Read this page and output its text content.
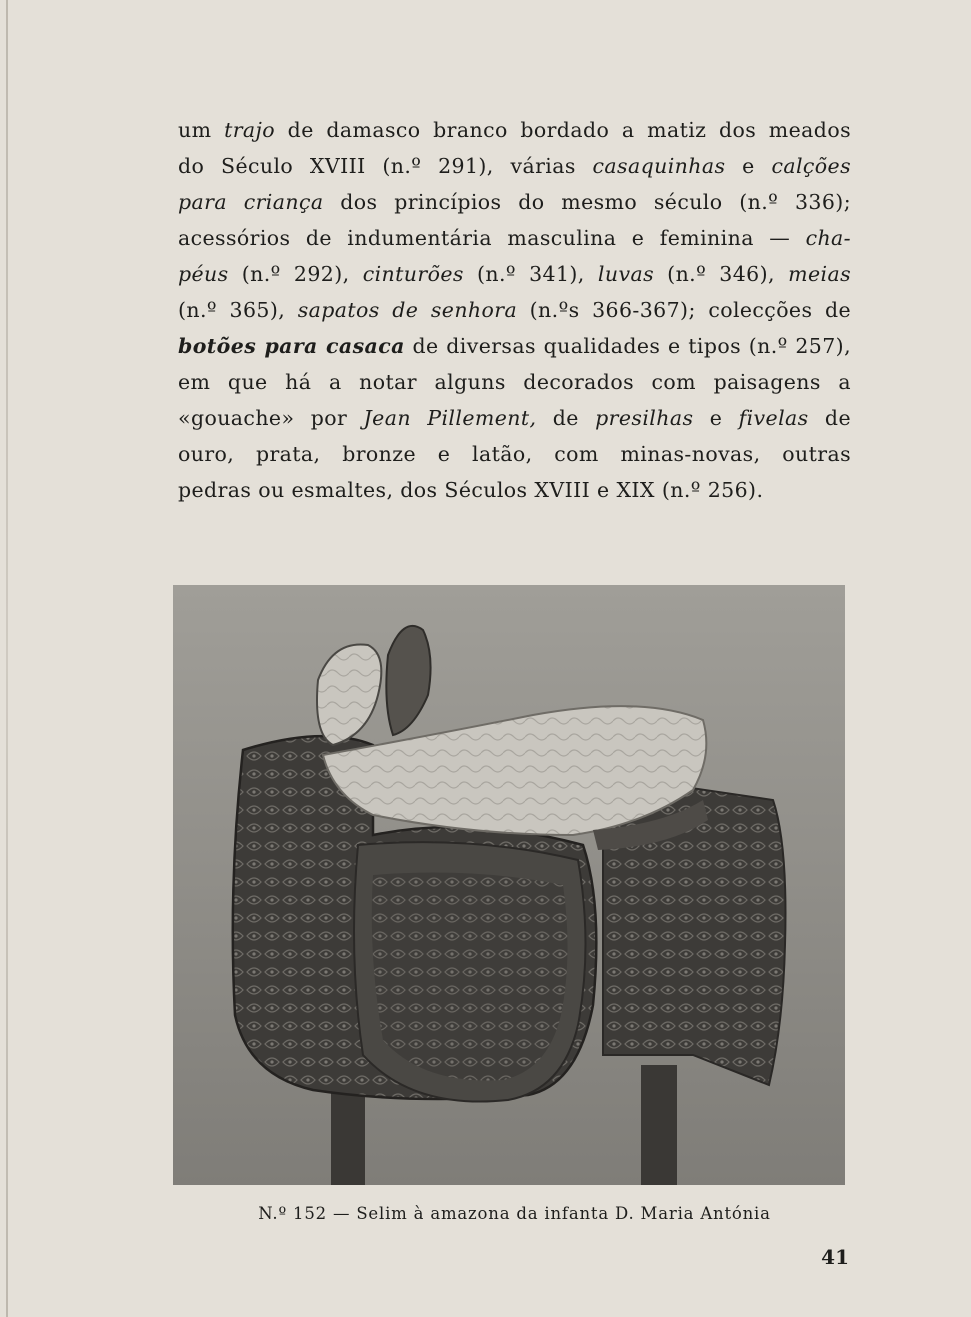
um trajo de damasco branco bordado a matiz dos meados
do Século XVIII (n.º 291), várias casaquinhas e calções
para criança dos princípios do mesmo século (n.º 336);
acessórios de indumentária masculina e feminina — cha-
péus (n.º 292), cinturões (n.º 341), luvas (n.º 346), meias
(n.º 365), sapatos de senhora (n.ºs 366-367); colecções de
botões para casaca de diversas qualidades e tipos (n.º 257),
em que há a notar alguns decorados com paisagens a
«gouache» por Jean Pillement, de presilhas e fivelas de
ouro, prata, bronze e latão, com minas-novas, outras
pedras ou esmaltes, dos Séculos XVIII e XIX (n.º 256).
N.º 152 — Selim à amazona da infanta D. Maria Antónia
41
